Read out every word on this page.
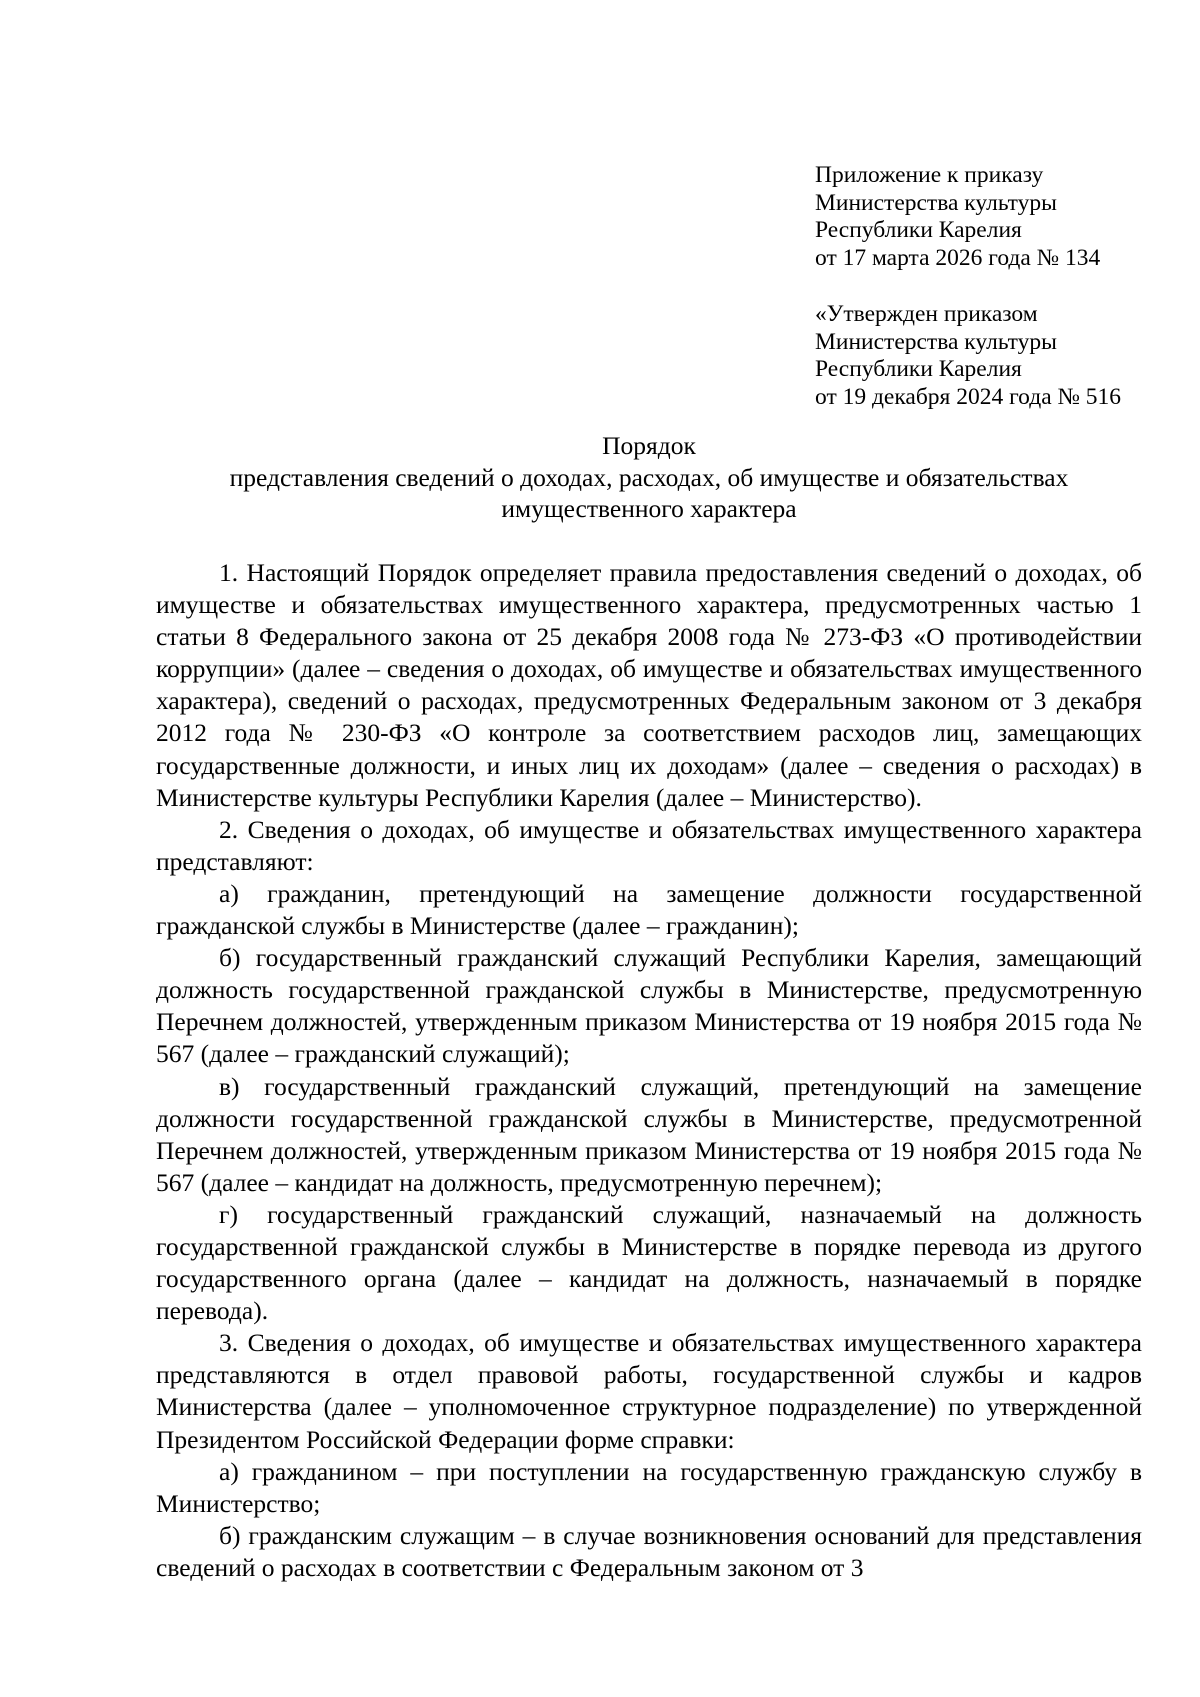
Приложение к приказу
Министерства культуры
Республики Карелия
от 17 марта 2026 года № 134
«Утвержден приказом
Министерства культуры
Республики Карелия
от 19 декабря 2024 года № 516
Порядок
представления сведений о доходах, расходах, об имуществе и обязательствах имущественного характера

1. Настоящий Порядок определяет правила предоставления сведений о доходах, об имуществе и обязательствах имущественного характера, предусмотренных частью 1 статьи 8 Федерального закона от 25 декабря 2008 года № 273-ФЗ «О противодействии коррупции» (далее – сведения о доходах, об имуществе и обязательствах имущественного характера), сведений о расходах, предусмотренных Федеральным законом от 3 декабря 2012 года № 230-ФЗ «О контроле за соответствием расходов лиц, замещающих государственные должности, и иных лиц их доходам» (далее – сведения о расходах) в Министерстве культуры Республики Карелия (далее – Министерство).

2. Сведения о доходах, об имуществе и обязательствах имущественного характера представляют:

а) гражданин, претендующий на замещение должности государственной гражданской службы в Министерстве (далее – гражданин);

б) государственный гражданский служащий Республики Карелия, замещающий должность государственной гражданской службы в Министерстве, предусмотренную Перечнем должностей, утвержденным приказом Министерства от 19 ноября 2015 года № 567 (далее – гражданский служащий);

в) государственный гражданский служащий, претендующий на замещение должности государственной гражданской службы в Министерстве, предусмотренной Перечнем должностей, утвержденным приказом Министерства от 19 ноября 2015 года № 567 (далее – кандидат на должность, предусмотренную перечнем);

г) государственный гражданский служащий, назначаемый на должность государственной гражданской службы в Министерстве в порядке перевода из другого государственного органа (далее – кандидат на должность, назначаемый в порядке перевода).

3. Сведения о доходах, об имуществе и обязательствах имущественного характера представляются в отдел правовой работы, государственной службы и кадров Министерства (далее – уполномоченное структурное подразделение) по утвержденной Президентом Российской Федерации форме справки:

а) гражданином – при поступлении на государственную гражданскую службу в Министерство;

б) гражданским служащим – в случае возникновения оснований для представления сведений о расходах в соответствии с Федеральным законом от 3
